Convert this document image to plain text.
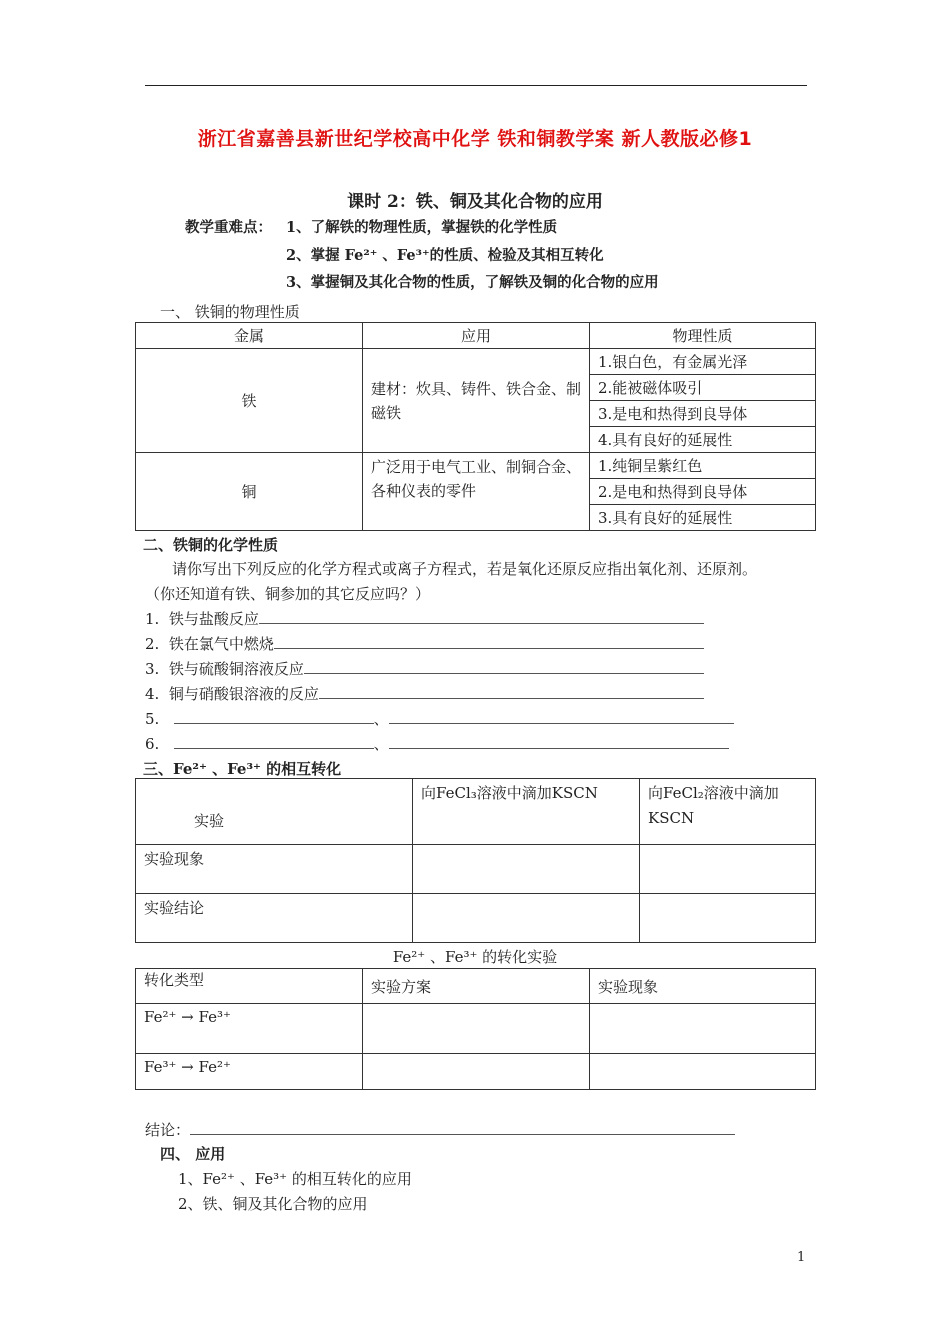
浙江省嘉善县新世纪学校高中化学 铁和铜教学案 新人教版必修1
课时 2：铁、铜及其化合物的应用
教学重难点： 1、了解铁的物理性质，掌握铁的化学性质
2、掌握 Fe²⁺ 、Fe³⁺的性质、检验及其相互转化
3、掌握铜及其化合物的性质，了解铁及铜的化合物的应用
一、 铁铜的物理性质
金属	应用	物理性质
铁	建材：炊具、铸件、铁合金、制磁铁	1.银白色，有金属光泽
		2.能被磁体吸引
		3.是电和热得到良导体
		4.具有良好的延展性
铜	广泛用于电气工业、制铜合金、各种仪表的零件	1.纯铜呈紫红色
		2.是电和热得到良导体
		3.具有良好的延展性
二、铁铜的化学性质
请你写出下列反应的化学方程式或离子方程式，若是氧化还原反应指出氧化剂、还原剂。
（你还知道有铁、铜参加的其它反应吗？）
1. 铁与盐酸反应
2. 铁在氯气中燃烧
3. 铁与硫酸铜溶液反应
4. 铜与硝酸银溶液的反应
5.	、
6.	、
三、Fe²⁺ 、Fe³⁺ 的相互转化
实验	向FeCl₃溶液中滴加KSCN	向FeCl₂溶液中滴加KSCN
实验现象		
实验结论		
Fe²⁺ 、Fe³⁺ 的转化实验
转化类型	实验方案	实验现象
Fe²⁺ → Fe³⁺		
Fe³⁺ → Fe²⁺		
结论：
四、 应用
1、Fe²⁺ 、Fe³⁺ 的相互转化的应用
2、铁、铜及其化合物的应用
1
